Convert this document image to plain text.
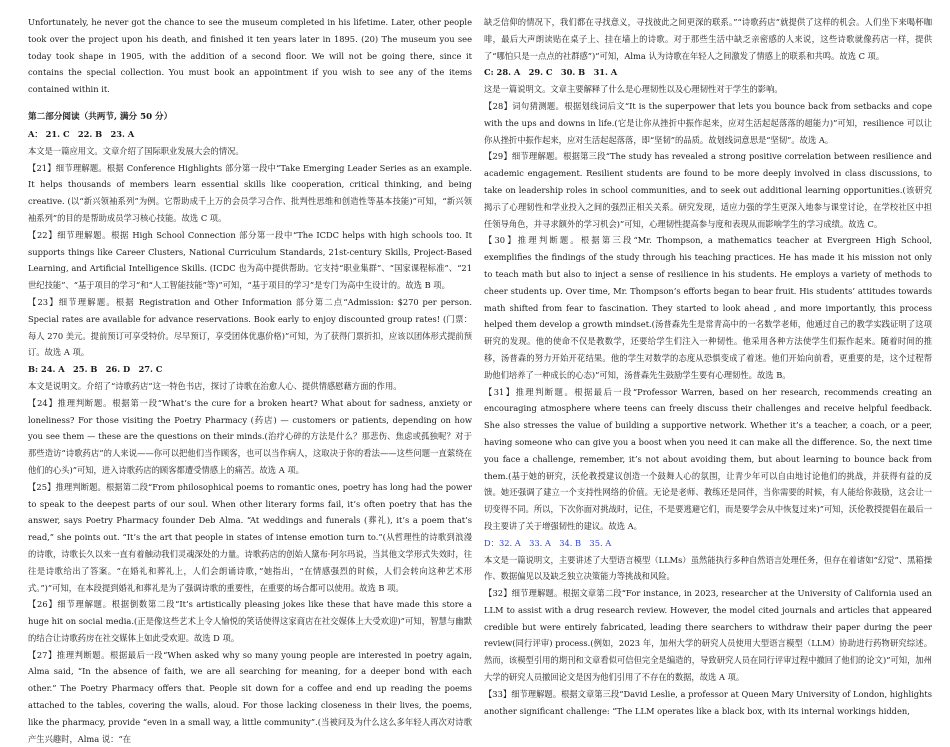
Unfortunately, he never got the chance to see the museum completed in his lifetime. Later, other people took over the project upon his death, and finished it ten years later in 1895. (20) The museum you see today took shape in 1905, with the addition of a second floor. We will not be going there, since it contains the special collection. You must book an appointment if you wish to see any of the items contained within it.

第二部分阅读（共两节, 满分 50 分）

A： 21. C　22. B　23. A

本文是一篇应用文。文章介绍了国际职业发展大会的情况。

【21】细节理解题。根据 Conference Highlights 部分第一段中“Take Emerging Leader Series as an example. It helps thousands of members learn essential skills like cooperation, critical thinking, and being creative. (以“新兴领袖系列”为例。它帮助成千上万的会员学习合作、批判性思维和创造性等基本技能)”可知，“新兴领袖系列”的目的是帮助成员学习核心技能。故选 C 项。

【22】细节理解题。根据 High School Connection 部分第一段中“The ICDC helps with high schools too. It supports things like Career Clusters, National Curriculum Standards, 21st-century Skills, Project-Based Learning, and Artificial Intelligence Skills. (ICDC 也为高中提供帮助。它支持“职业集群”、“国家课程标准”、“21 世纪技能”、“基于项目的学习”和“人工智能技能”等)”可知，“基于项目的学习”是专门为高中生设计的。故选 B 项。

【23】细节理解题。根据 Registration and Other Information 部分第二点“Admission: $270 per person. Special rates are available for advance reservations. Book early to enjoy discounted group rates! (门票：每人 270 美元。提前预订可享受特价。尽早预订，享受团体优惠价格)”可知，为了获得门票折扣，应该以团体形式提前预订。故选 A 项。

B: 24. A　25. B　26. D　27. C

本文是说明文。介绍了“诗歌药店”这一特色书店，探讨了诗歌在治愈人心、提供情感慰藉方面的作用。

【24】推理判断题。根据第一段“What’s the cure for a broken heart? What about for sadness, anxiety or loneliness? For those visiting the Poetry Pharmacy (药店) — customers or patients, depending on how you see them — these are the questions on their minds.(治疗心碎的方法是什么？那悲伤、焦虑或孤独呢？对于那些造访“诗歌药店”的人来说——你可以把他们当作顾客，也可以当作病人，这取决于你的看法——这些问题一直萦绕在他们的心头)”可知，进入诗歌药店的顾客都遭受情感上的痛苦。故选 A 项。

【25】推理判断题。根据第二段“From philosophical poems to romantic ones, poetry has long had the power to speak to the deepest parts of our soul. When other literary forms fail, it’s often poetry that has the answer, says Poetry Pharmacy founder Deb Alma. “At weddings and funerals (葬礼), it’s a poem that’s read,” she points out. “It’s the art that people in states of intense emotion turn to.”(从哲理性的诗歌到浪漫的诗歌，诗歌长久以来一直有着触动我们灵魂深处的力量。诗歌药店的创始人黛布·阿尔玛说，当其他文学形式失效时，往往是诗歌给出了答案。“在婚礼和葬礼上，人们会朗诵诗歌，”她指出，“在情感强烈的时候，人们会转向这种艺术形式。”)”可知，在本段提到婚礼和葬礼是为了强调诗歌的重要性，在重要的场合都可以使用。故选 B 项。

【26】细节理解题。根据倒数第二段“It’s artistically pleasing jokes like these that have made this store a huge hit on social media.(正是像这些艺术上令人愉悦的笑话使得这家商店在社交媒体上大受欢迎)”可知，智慧与幽默的结合让诗歌药房在社交媒体上如此受欢迎。故选 D 项。

【27】推理判断题。根据最后一段“When asked why so many young people are interested in poetry again, Alma said, “In the absence of faith, we are all searching for meaning, for a deeper bond with each other.” The Poetry Pharmacy offers that. People sit down for a coffee and end up reading the poems attached to the tables, covering the walls, aloud. For those lacking closeness in their lives, the poems, like the pharmacy, provide “even in a small way, a little community”.(当被问及为什么这么多年轻人再次对诗歌产生兴趣时，Alma 说：“在

缺乏信仰的情况下，我们都在寻找意义，寻找彼此之间更深的联系。”“诗歌药店”就提供了这样的机会。人们坐下来喝杯咖啡，最后大声朗读贴在桌子上、挂在墙上的诗歌。对于那些生活中缺乏亲密感的人来说，这些诗歌就像药店一样，提供了“哪怕只是一点点的社群感”)”可知，Alma 认为诗歌在年轻人之间激发了情感上的联系和共鸣。故选 C 项。

C: 28. A　29. C　30. B　31. A

这是一篇说明文。文章主要解释了什么是心理韧性以及心理韧性对于学生的影响。

【28】词句猜测题。根据划线词后文“It is the superpower that lets you bounce back from setbacks and cope with the ups and downs in life.(它是让你从挫折中振作起来，应对生活起起落落的超能力)”可知，resilience 可以让你从挫折中振作起来，应对生活起起落落，即“坚韧”的品质。故划线词意思是“坚韧”。故选 A。

【29】细节理解题。根据第三段“The study has revealed a strong positive correlation between resilience and academic engagement. Resilient students are found to be more deeply involved in class discussions, to take on leadership roles in school communities, and to seek out additional learning opportunities.(该研究揭示了心理韧性和学业投入之间的强烈正相关关系。研究发现，适应力强的学生更深入地参与课堂讨论，在学校社区中担任领导角色，并寻求额外的学习机会)”可知，心理韧性提高参与度和表现从而影响学生的学习成绩。故选 C。

【30】推理判断题。根据第三段“Mr. Thompson, a mathematics teacher at Evergreen High School, exemplifies the findings of the study through his teaching practices. He has made it his mission not only to teach math but also to inject a sense of resilience in his students. He employs a variety of methods to cheer students up. Over time, Mr. Thompson’s efforts began to bear fruit. His students’ attitudes towards math shifted from fear to fascination. They started to look ahead , and more importantly, this process helped them develop a growth mindset.(汤普森先生是常青高中的一名数学老师，他通过自己的教学实践证明了这项研究的发现。他的使命不仅是教数学，还要给学生们注入一种韧性。他采用各种方法使学生们振作起来。随着时间的推移，汤普森的努力开始开花结果。他的学生对数学的态度从恐惧变成了着迷。他们开始向前看，更重要的是，这个过程帮助他们培养了一种成长的心态)”可知，汤普森先生鼓励学生要有心理韧性。故选 B。

【31】推理判断题。根据最后一段“Professor Warren, based on her research, recommends creating an encouraging atmosphere where teens can freely discuss their challenges and receive helpful feedback. She also stresses the value of building a supportive network. Whether it’s a teacher, a coach, or a peer, having someone who can give you a boost when you need it can make all the difference. So, the next time you face a challenge, remember, it’s not about avoiding them, but about learning to bounce back from them.(基于她的研究，沃伦教授建议创造一个鼓舞人心的氛围，让青少年可以自由地讨论他们的挑战，并获得有益的反馈。她还强调了建立一个支持性网络的价值。无论是老师、教练还是同伴，当你需要的时候，有人能给你鼓励，这会让一切变得不同。所以，下次你面对挑战时，记住，不是要逃避它们，而是要学会从中恢复过来)”可知，沃伦教授提倡在最后一段主要讲了关于增强韧性的建议。故选 A。

D：32. A　33. A　34. B　35. A

本文是一篇说明文，主要讲述了大型语言模型（LLMs）虽然能执行多种自然语言处理任务，但存在着诸如“幻觉”、黑箱操作、数据偏见以及缺乏独立决策能力等挑战和风险。

【32】细节理解题。根据文章第二段“For instance, in 2023, researcher at the University of California used an LLM to assist with a drug research review. However, the model cited journals and articles that appeared credible but were entirely fabricated, leading there searchers to withdraw their paper during the peer review(同行评审) process.(例如，2023 年，加州大学的研究人员使用大型语言模型（LLM）协助进行药物研究综述。然而，该模型引用的期刊和文章看似可信但完全是编造的，导致研究人员在同行评审过程中撤回了他们的论文)”可知，加州大学的研究人员撤回论文是因为他们引用了不存在的数据，故选 A 项。

【33】细节理解题。根据文章第三段“David Leslie, a professor at Queen Mary University of London, highlights another significant challenge: “The LLM operates like a black box, with its internal workings hidden,
